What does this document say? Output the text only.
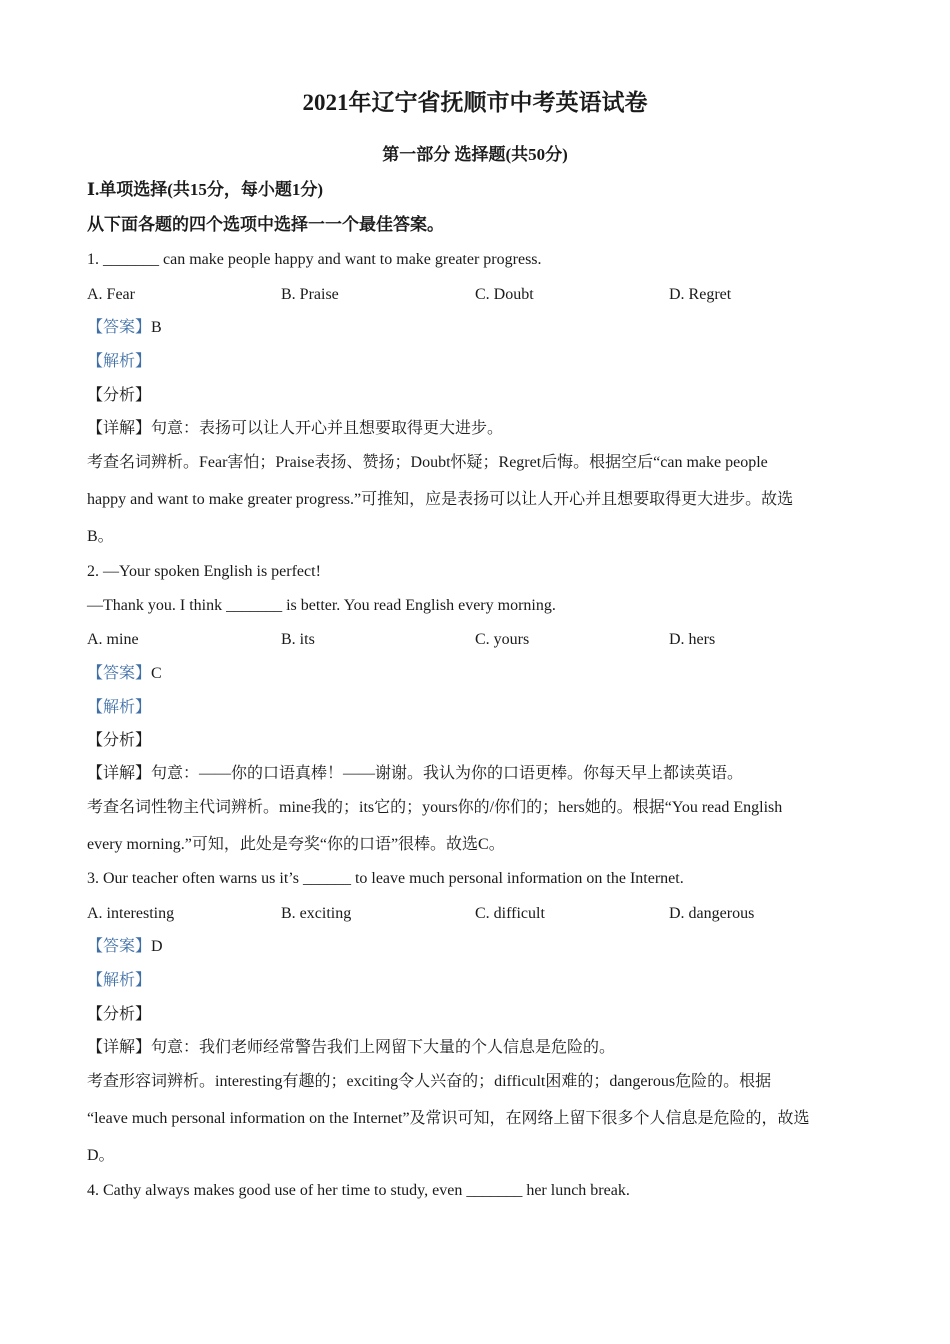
2021年辽宁省抚顺市中考英语试卷
第一部分 选择题(共50分)
Ⅰ.单项选择(共15分，每小题1分)
从下面各题的四个选项中选择一一个最佳答案。
1. _______ can make people happy and want to make greater progress.
A. Fear	B. Praise	C. Doubt	D. Regret
【答案】B
【解析】
【分析】
【详解】句意：表扬可以让人开心并且想要取得更大进步。
考查名词辨析。Fear害怕；Praise表扬、赞扬；Doubt怀疑；Regret后悔。根据空后“can make people
happy and want to make greater progress.”可推知，应是表扬可以让人开心并且想要取得更大进步。故选
B。
2. —Your spoken English is perfect!
—Thank you. I think _______ is better. You read English every morning.
A. mine	B. its	C. yours	D. hers
【答案】C
【解析】
【分析】
【详解】句意：——你的口语真棒！——谢谢。我认为你的口语更棒。你每天早上都读英语。
考查名词性物主代词辨析。mine我的；its它的；yours你的/你们的；hers她的。根据“You read English
every morning.”可知，此处是夸奖“你的口语”很棒。故选C。
3. Our teacher often warns us it’s ______ to leave much personal information on the Internet.
A. interesting	B. exciting	C. difficult	D. dangerous
【答案】D
【解析】
【分析】
【详解】句意：我们老师经常警告我们上网留下大量的个人信息是危险的。
考查形容词辨析。interesting有趣的；exciting令人兴奋的；difficult困难的；dangerous危险的。根据
“leave much personal information on the Internet”及常识可知，在网络上留下很多个人信息是危险的，故选
D。
4. Cathy always makes good use of her time to study, even _______ her lunch break.
